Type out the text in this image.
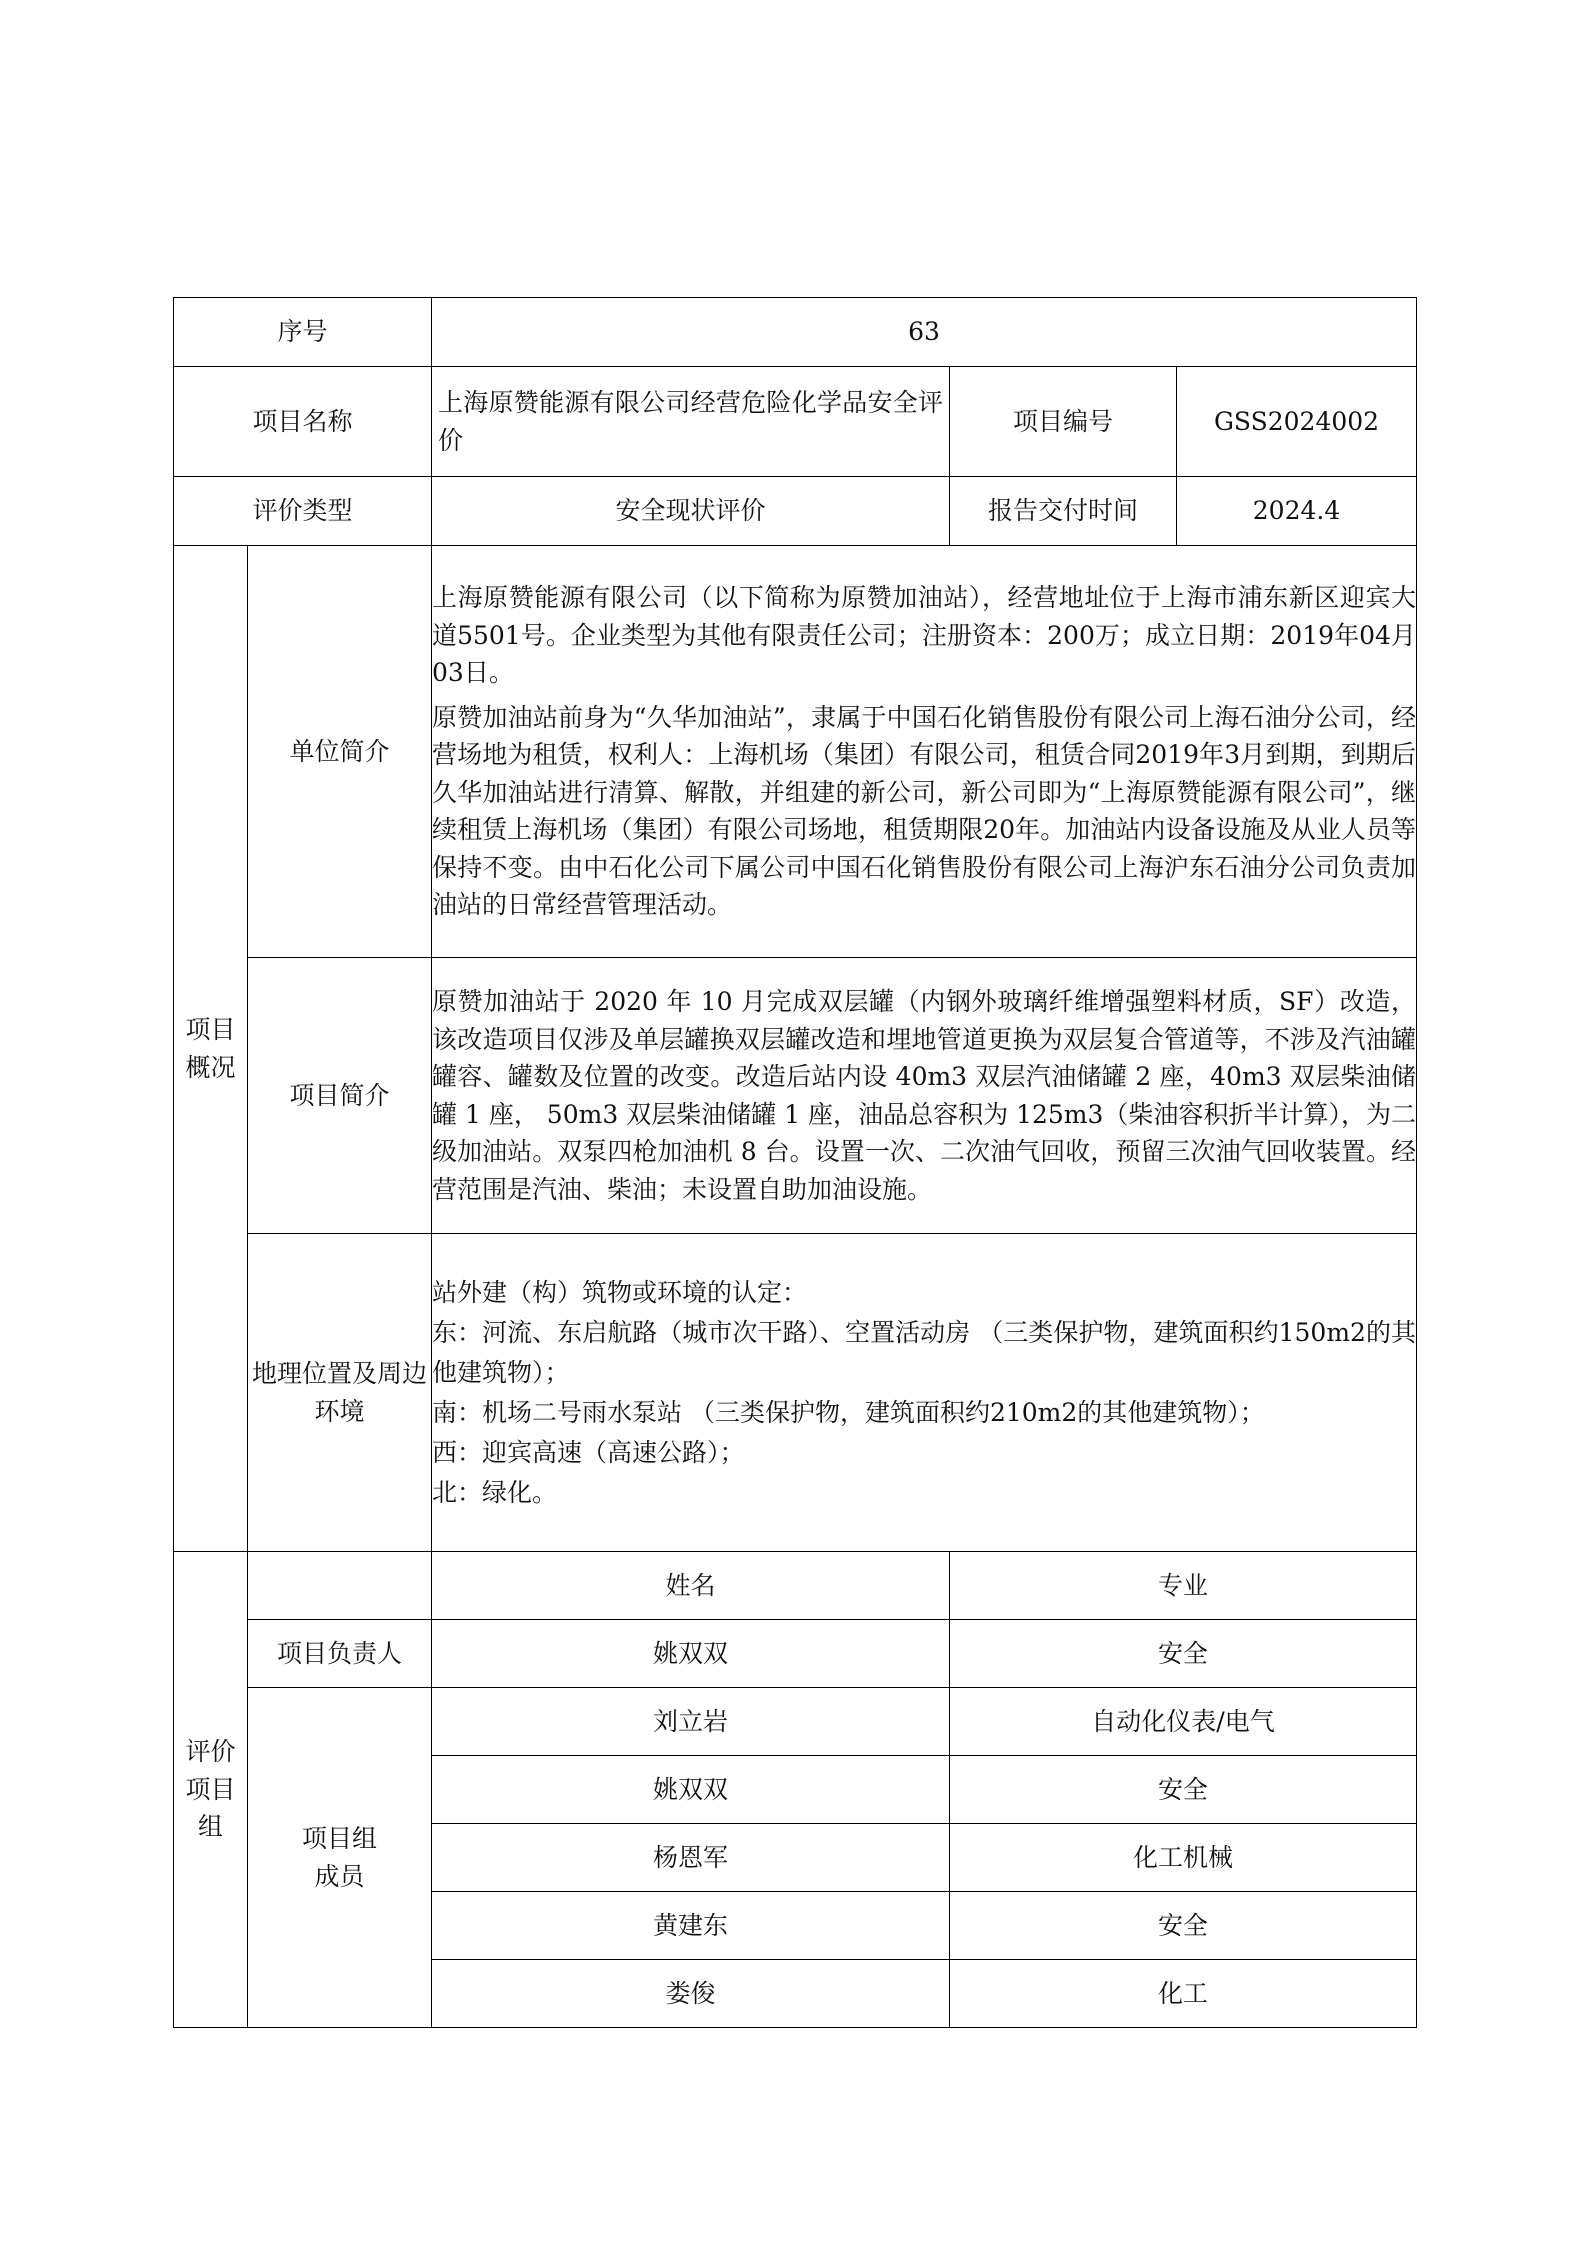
序号		63		
项目名称		上海原赞能源有限公司经营危险化学品安全评价	项目编号	GSS2024002
评价类型		安全现状评价	报告交付时间	2024.4
项目概况	单位简介	上海原赞能源有限公司（以下简称为原赞加油站），经营地址位于上海市浦东新区迎宾大道5501号。企业类型为其他有限责任公司；注册资本：200万；成立日期：2019年04月03日。

原赞加油站前身为“久华加油站”，隶属于中国石化销售股份有限公司上海石油分公司，经营场地为租赁，权利人：上海机场（集团）有限公司，租赁合同2019年3月到期，到期后久华加油站进行清算、解散，并组建的新公司，新公司即为“上海原赞能源有限公司”，继续租赁上海机场（集团）有限公司场地，租赁期限20年。加油站内设备设施及从业人员等保持不变。由中石化公司下属公司中国石化销售股份有限公司上海沪东石油分公司负责加油站的日常经营管理活动。		

	项目简介	原赞加油站于 2020 年 10 月完成双层罐（内钢外玻璃纤维增强塑料材质，SF）改造，该改造项目仅涉及单层罐换双层罐改造和埋地管道更换为双层复合管道等，不涉及汽油罐罐容、罐数及位置的改变。改造后站内设 40m3 双层汽油储罐 2 座，40m3 双层柴油储罐 1 座， 50m3 双层柴油储罐 1 座，油品总容积为 125m3（柴油容积折半计算），为二级加油站。双泵四枪加油机 8 台。设置一次、二次油气回收，预留三次油气回收装置。经营范围是汽油、柴油；未设置自助加油设施。		
	地理位置及周边环境	站外建（构）筑物或环境的认定：
东：河流、东启航路（城市次干路）、空置活动房 （三类保护物，建筑面积约150m2的其他建筑物）；
南：机场二号雨水泵站 （三类保护物，建筑面积约210m2的其他建筑物）；
西：迎宾高速（高速公路）；
北：绿化。		

评价项目组		姓名	专业	
	项目负责人	姚双双	安全	
	项目组成员	刘立岩	自动化仪表/电气	
		姚双双	安全	
		杨恩军	化工机械	
		黄建东	安全	
		娄俊	化工	
